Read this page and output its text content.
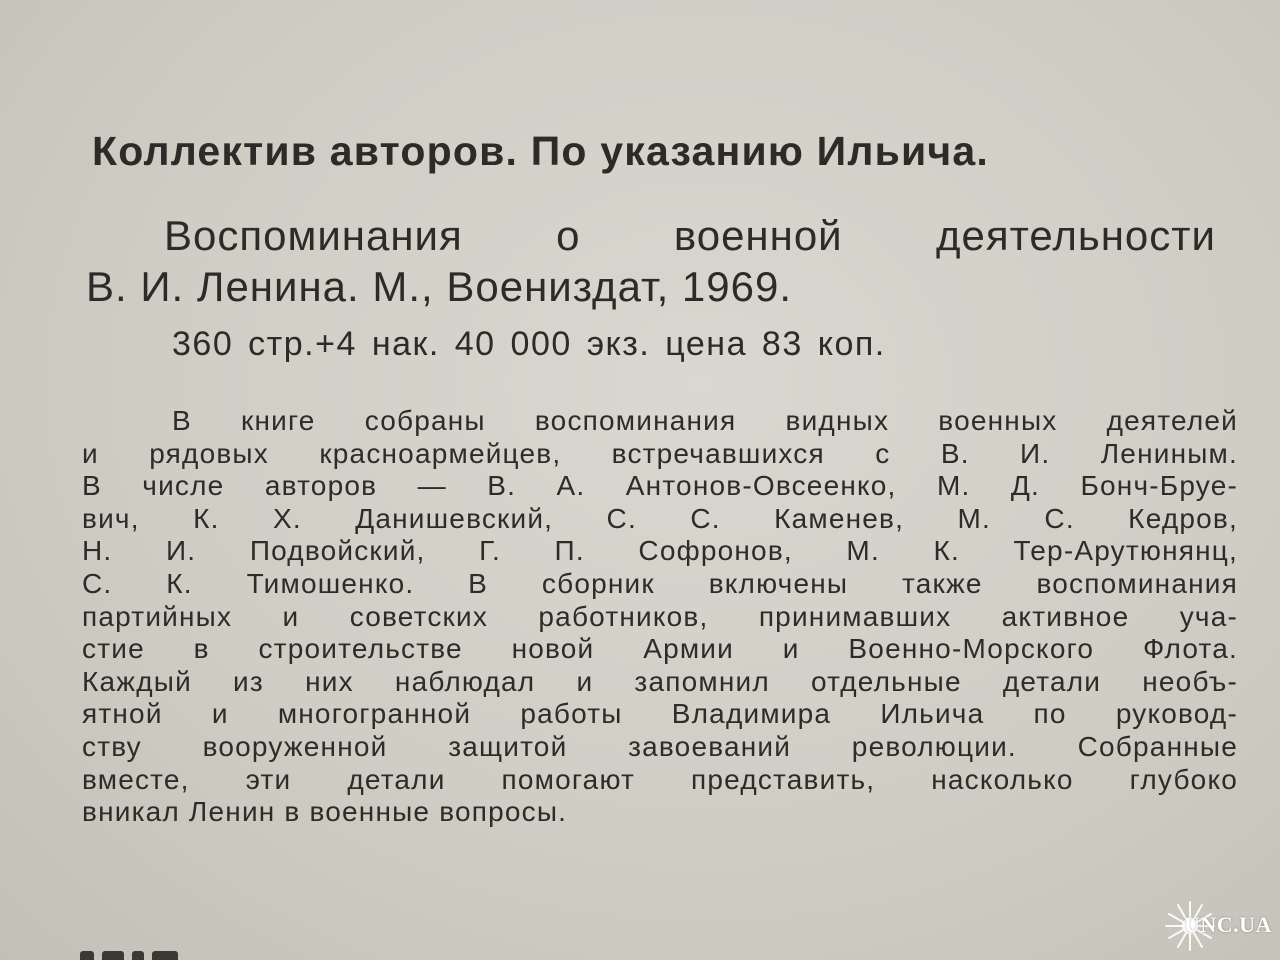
Коллектив авторов. По указанию Ильича.
Воспоминания о военной деятельности
В. И. Ленина. М., Воениздат, 1969.
360 стр.+4 нак. 40 000 экз. цена 83 коп.
В книге собраны воспоминания видных военных деятелей
и рядовых красноармейцев, встречавшихся с В. И. Лениным.
В числе авторов — В. А. Антонов-Овсеенко, М. Д. Бонч-Бруе-
вич, К. Х. Данишевский, С. С. Каменев, М. С. Кедров,
Н. И. Подвойский, Г. П. Софронов, М. К. Тер-Арутюнянц,
С. К. Тимошенко. В сборник включены также воспоминания
партийных и советских работников, принимавших активное уча-
стие в строительстве новой Армии и Военно-Морского Флота.
Каждый из них наблюдал и запомнил отдельные детали необъ-
ятной и многогранной работы Владимира Ильича по руковод-
ству вооруженной защитой завоеваний революции. Собранные
вместе, эти детали помогают представить, насколько глубоко
вникал Ленин в военные вопросы.
UNC.UA
